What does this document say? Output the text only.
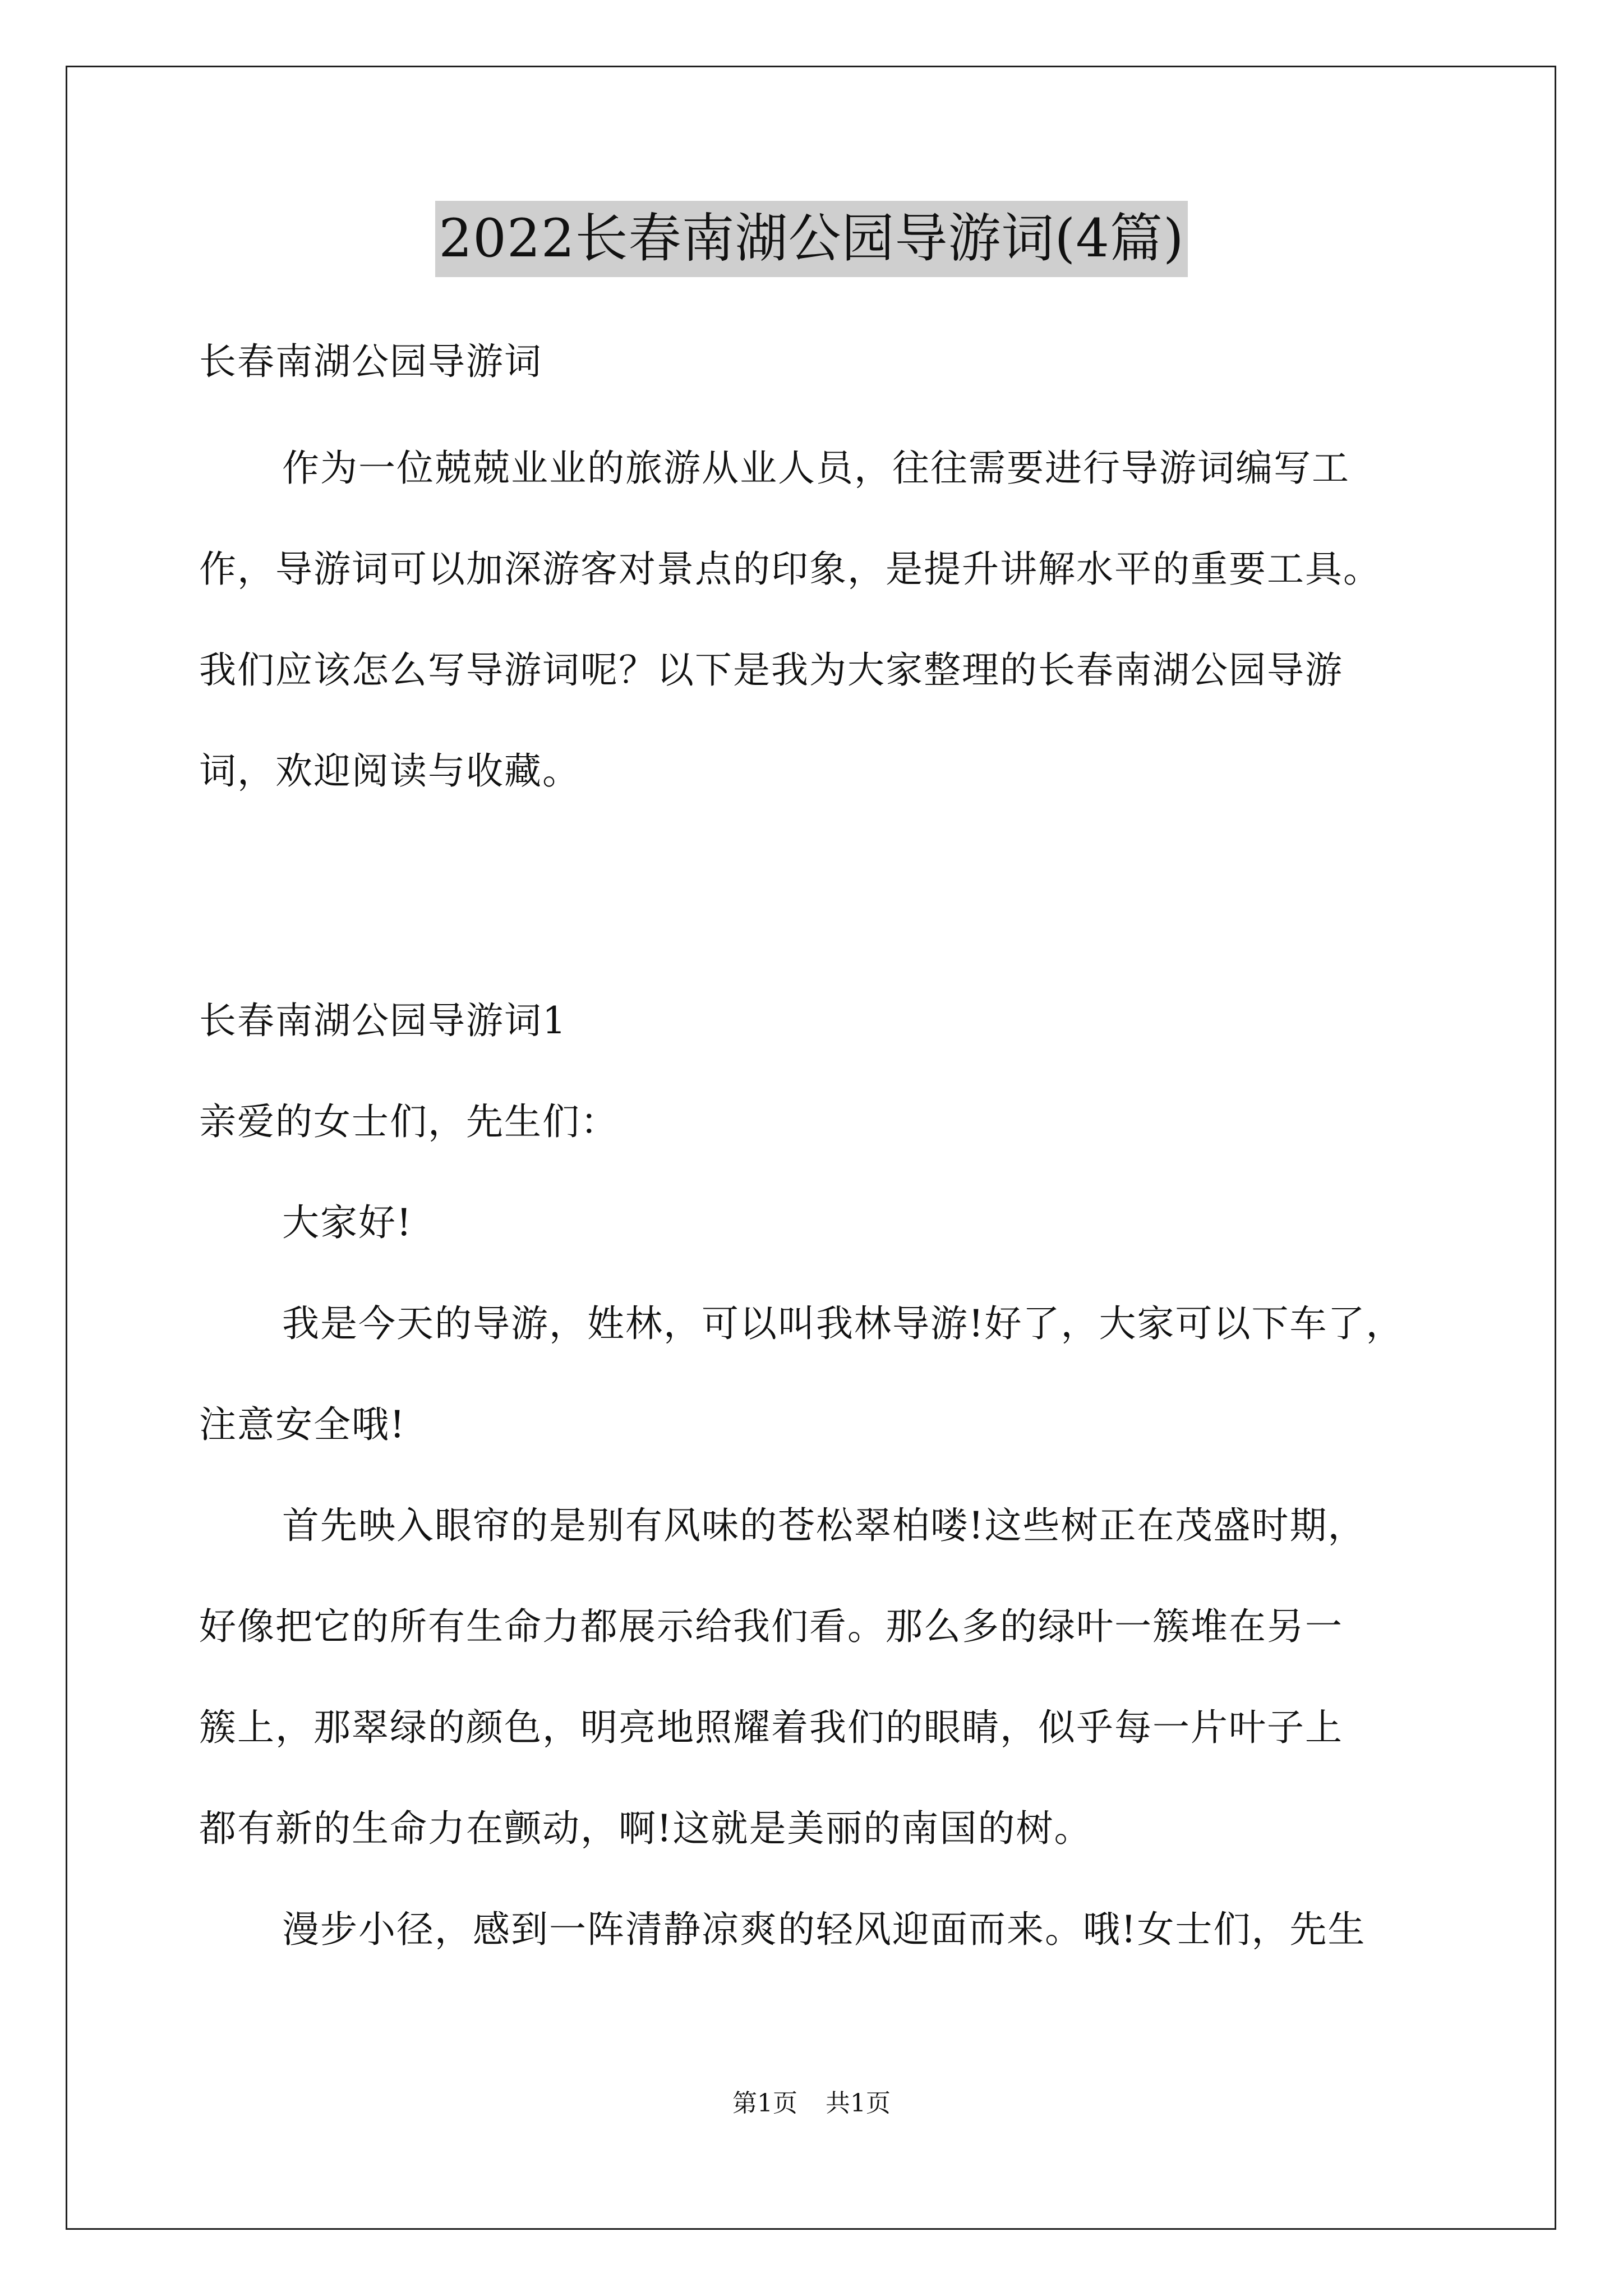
2022长春南湖公园导游词(4篇)
长春南湖公园导游词
作为一位兢兢业业的旅游从业人员，往往需要进行导游词编写工
作，导游词可以加深游客对景点的印象，是提升讲解水平的重要工具。
我们应该怎么写导游词呢？以下是我为大家整理的长春南湖公园导游
词，欢迎阅读与收藏。
长春南湖公园导游词1
亲爱的女士们，先生们：
大家好!
我是今天的导游，姓林，可以叫我林导游!好了，大家可以下车了，
注意安全哦!
首先映入眼帘的是别有风味的苍松翠柏喽!这些树正在茂盛时期，
好像把它的所有生命力都展示给我们看。那么多的绿叶一簇堆在另一
簇上，那翠绿的颜色，明亮地照耀着我们的眼睛，似乎每一片叶子上
都有新的生命力在颤动，啊!这就是美丽的南国的树。
漫步小径，感到一阵清静凉爽的轻风迎面而来。哦!女士们，先生
第1页 共1页
